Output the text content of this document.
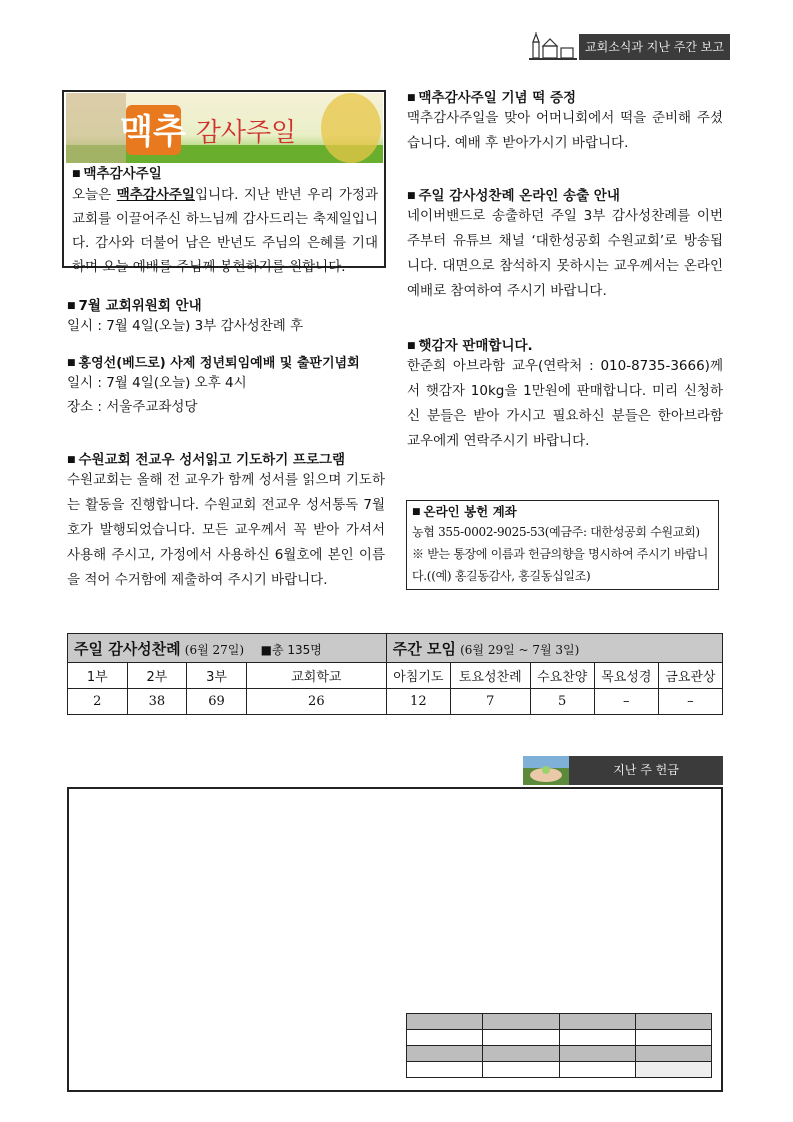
교회소식과 지난 주간 보고
맥추 감사주일
■ 맥추감사주일
오늘은 맥추감사주일입니다. 지난 반년 우리 가정과 교회를 이끌어주신 하느님께 감사드리는 축제일입니다. 감사와 더불어 남은 반년도 주님의 은혜를 기대하며 오늘 예배를 주님께 봉헌하기를 원합니다.
■ 7월 교회위원회 안내
일시 : 7월 4일(오늘) 3부 감사성찬례 후
■ 홍영선(베드로) 사제 정년퇴임예배 및 출판기념회
일시 : 7월 4일(오늘) 오후 4시
장소 : 서울주교좌성당
■ 수원교회 전교우 성서읽고 기도하기 프로그램
수원교회는 올해 전 교우가 함께 성서를 읽으며 기도하는 활동을 진행합니다. 수원교회 전교우 성서통독 7월호가 발행되었습니다. 모든 교우께서 꼭 받아 가셔서 사용해 주시고, 가정에서 사용하신 6월호에 본인 이름을 적어 수거함에 제출하여 주시기 바랍니다.
■ 맥추감사주일 기념 떡 증정
맥추감사주일을 맞아 어머니회에서 떡을 준비해 주셨습니다. 예배 후 받아가시기 바랍니다.
■ 주일 감사성찬례 온라인 송출 안내
네이버밴드로 송출하던 주일 3부 감사성찬례를 이번 주부터 유튜브 채널 ‘대한성공회 수원교회’로 방송됩니다. 대면으로 참석하지 못하시는 교우께서는 온라인 예배로 참여하여 주시기 바랍니다.
■ 햇감자 판매합니다.
한준희 아브라함 교우(연락처 : 010-8735-3666)께서 햇감자 10kg을 1만원에 판매합니다. 미리 신청하신 분들은 받아 가시고 필요하신 분들은 한아브라함 교우에게 연락주시기 바랍니다.
■ 온라인 봉헌 계좌
농협 355-0002-9025-53(예금주: 대한성공회 수원교회)
※ 받는 통장에 이름과 헌금의향을 명시하여 주시기 바랍니다.((예) 홍길동감사, 홍길동십일조)
주일 감사성찬례 (6월 27일) ■총 135명				주간 모임 (6월 29일 ~ 7월 3일)				
1부	2부	3부	교회학교	아침기도	토요성찬례	수요찬양	목요성경	금요관상
2	38	69	26	12	7	5	–	–
지난 주 헌금
